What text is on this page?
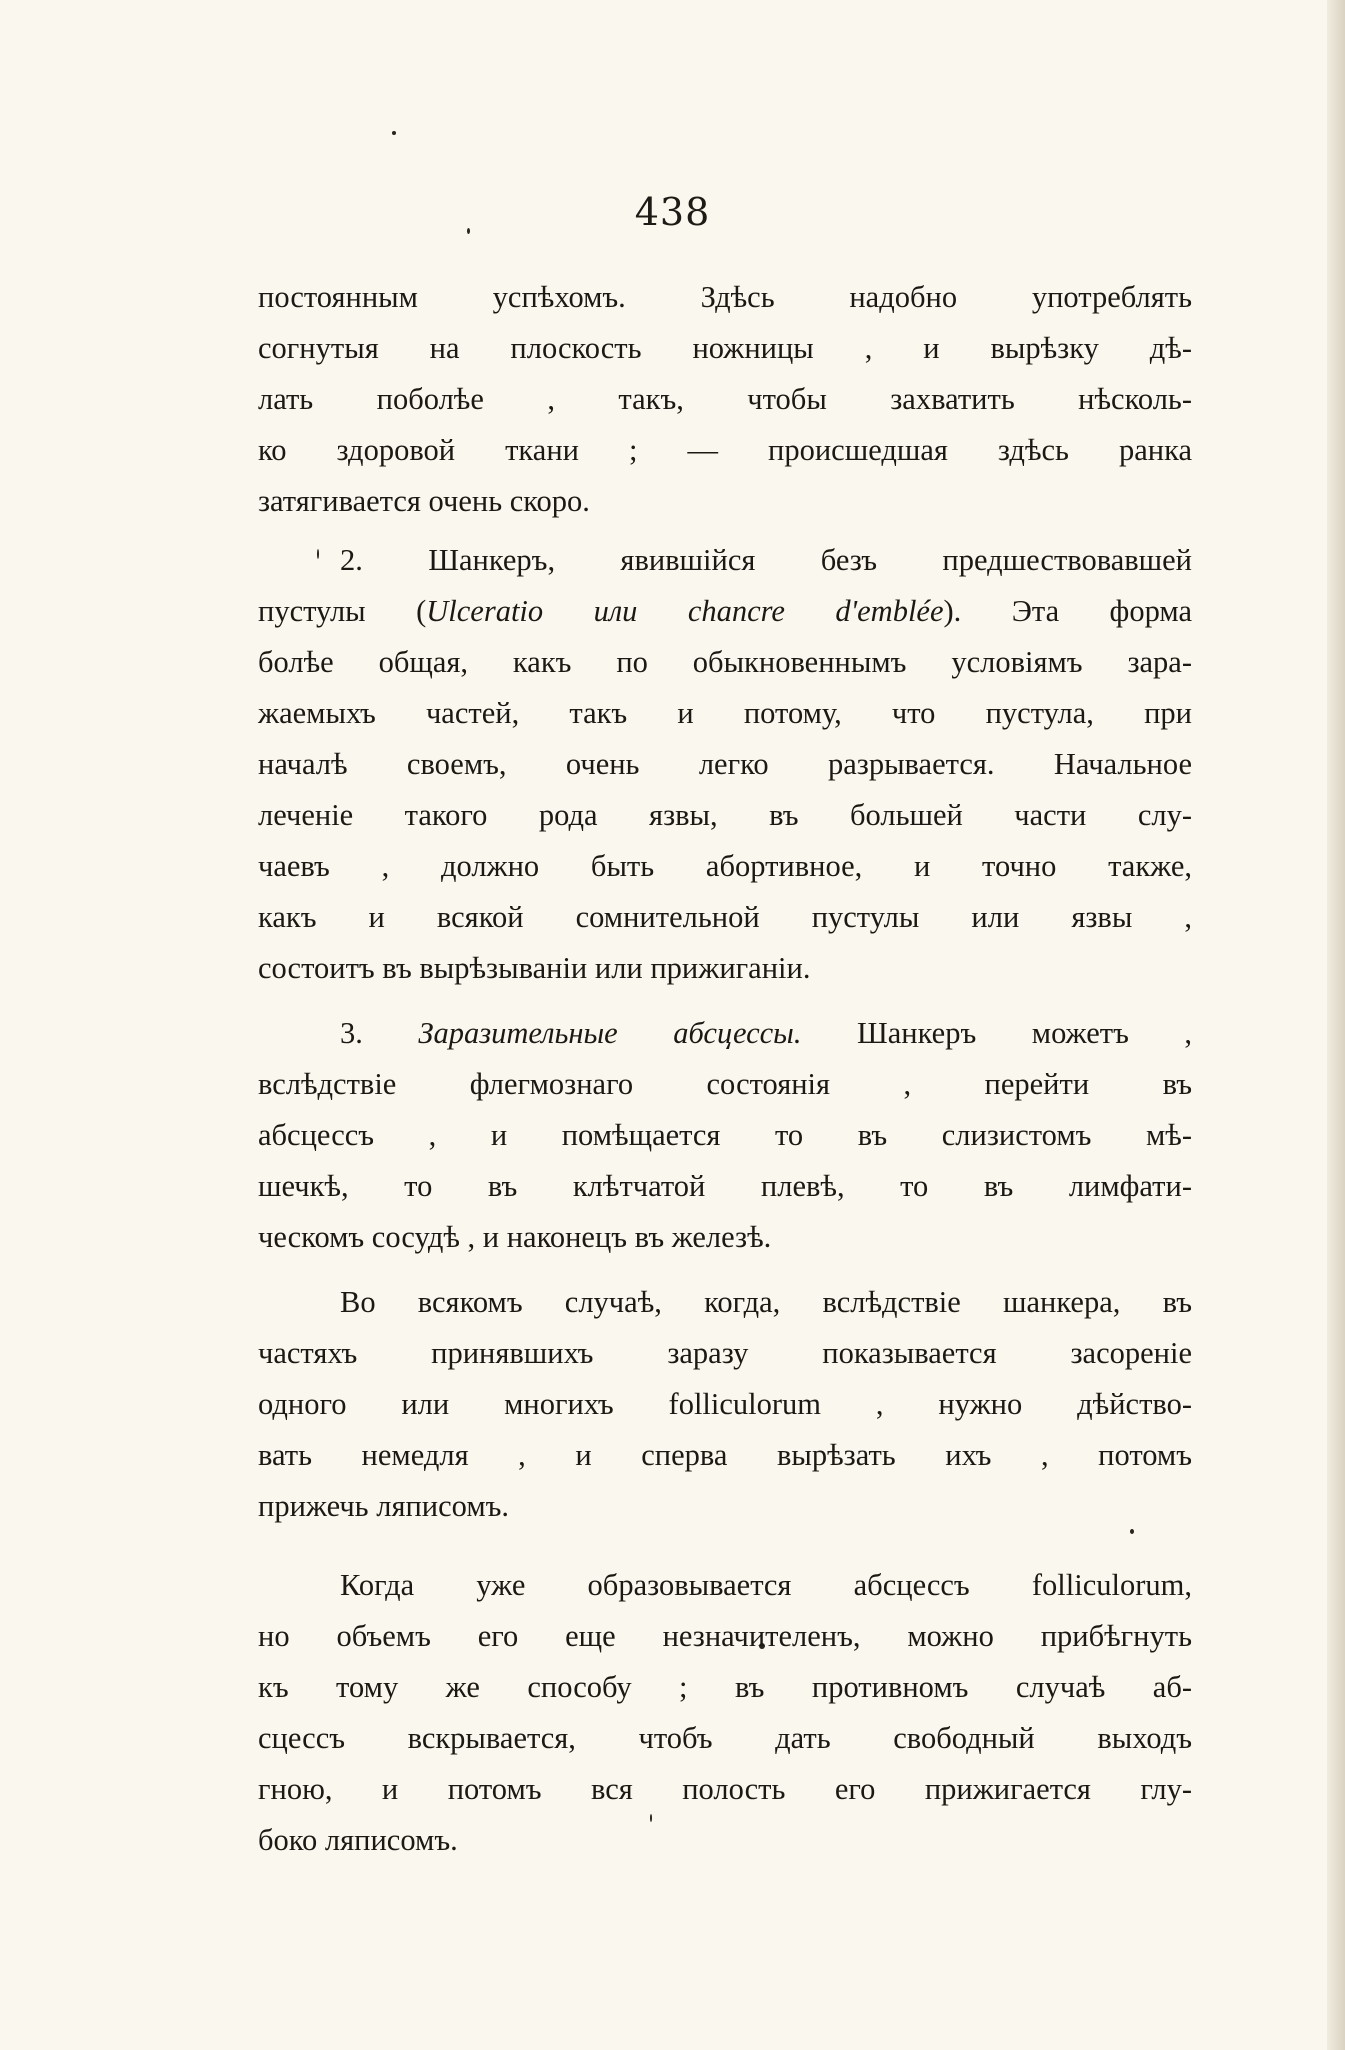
438
постоянным успѣхомъ. Здѣсь надобно употреблять
согнутыя на плоскость ножницы , и вырѣзку дѣ-
лать поболѣе , такъ, чтобы захватить нѣсколь-
ко здоровой ткани ; — происшедшая здѣсь ранка
затягивается очень скоро.
2. Шанкеръ, явившійся безъ предшествовавшей
пустулы (Ulceratio или chancre d'emblée). Эта форма
болѣе общая, какъ по обыкновеннымъ условіямъ зара-
жаемыхъ частей, такъ и потому, что пустула, при
началѣ своемъ, очень легко разрывается. Начальное
леченіе такого рода язвы, въ большей части слу-
чаевъ , должно быть абортивное, и точно также,
какъ и всякой сомнительной пустулы или язвы ,
состоитъ въ вырѣзываніи или прижиганіи.
3. Заразительные абсцессы. Шанкеръ можетъ ,
вслѣдствіе флегмознаго состоянія , перейти въ
абсцессъ , и помѣщается то въ слизистомъ мѣ-
шечкѣ, то въ клѣтчатой плевѣ, то въ лимфати-
ческомъ сосудѣ , и наконецъ въ железѣ.
Во всякомъ случаѣ, когда, вслѣдствіе шанкера, въ
частяхъ принявшихъ заразу показывается засореніе
одного или многихъ folliculorum , нужно дѣйство-
вать немедля , и сперва вырѣзать ихъ , потомъ
прижечь ляписомъ.
Когда уже образовывается абсцессъ folliculorum,
но объемъ его еще незначителенъ, можно прибѣгнуть
къ тому же способу ; въ противномъ случаѣ аб-
сцессъ вскрывается, чтобъ дать свободный выходъ
гною, и потомъ вся полость его прижигается глу-
боко ляписомъ.
